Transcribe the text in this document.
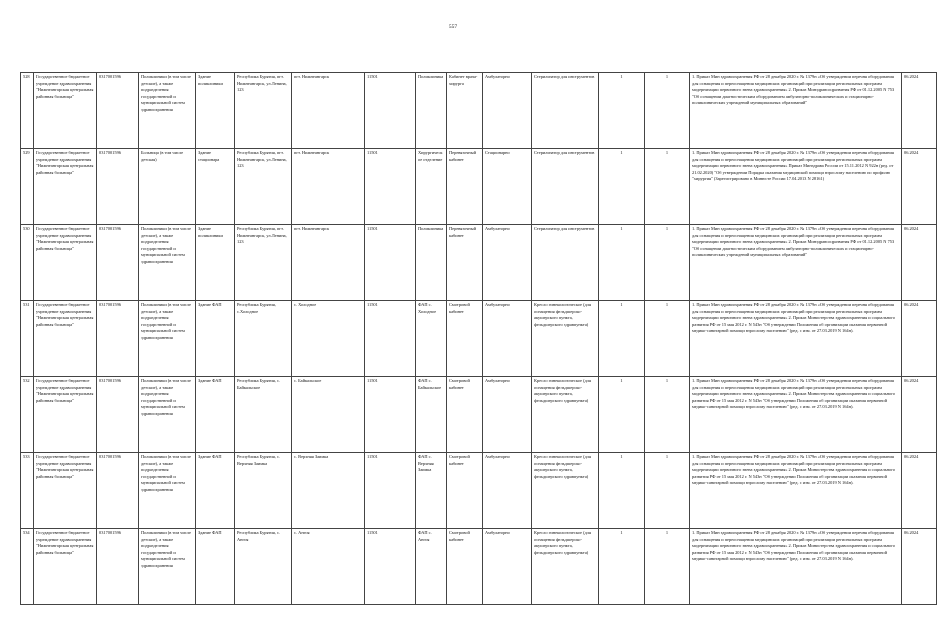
557
528	Государственное бюджетное учреждение здравоохранения "Нижнеангарская центральная районная больница"	0317001596	Поликлиники (в том числе детские), а также подразделения государственной и муниципальной систем здравоохранения	Здание поликлиники	Республика Бурятия, пгт. Нижнеангарск, ул.Ленина, 123	пгт. Нижнеангарск	11501	Поликлиника	Кабинет врача-хирурга	Амбулаторно	Стерилизатор для инструментов	1	1	1. Приказ Мин здравоохранения РФ от 28 декабря 2020 г. № 1379н «Об утверждении перечня оборудования для оснащения и переоснащения медицинских организаций при реализации региональных программ модернизации первичного звена здравоохранения» 2. Приказ Минздравсоцразвития РФ от 01.12.2005 N 753 "Об оснащении диагностическим оборудованием амбулаторно-поликлинических и стационарно-поликлинических учреждений муниципальных образований"	06.2024
529	Государственное бюджетное учреждение здравоохранения "Нижнеангарская центральная районная больница"	0317001596	Больница (в том числе детская)	Здание стационара	Республика Бурятия, пгт. Нижнеангарск, ул.Ленина, 123	пгт. Нижнеангарск	11501	Хирургическое отделение	Перевязочный кабинет	Стационарно	Стерилизатор для инструментов	1	1	1. Приказ Мин здравоохранения РФ от 28 декабря 2020 г. № 1379н «Об утверждении перечня оборудования для оснащения и переоснащения медицинских организаций при реализации региональных программ модернизации первичного звена здравоохранения» Приказ Минздрава России от 15.11.2012 N 922н (ред. от 21.02.2020) "Об утверждении Порядка оказания медицинской помощи взрослому населению по профилю "хирургия" (Зарегистрировано в Минюсте России 17.04.2013 N 28161)	06.2024
530	Государственное бюджетное учреждение здравоохранения "Нижнеангарская центральная районная больница"	0317001596	Поликлиники (в том числе детские), а также подразделения государственной и муниципальной систем здравоохранения	Здание поликлиники	Республика Бурятия, пгт. Нижнеангарск, ул.Ленина, 123	пгт. Нижнеангарск	11501	Поликлиника	Перевязочный кабинет	Амбулаторно	Стерилизатор для инструментов	1	1	1. Приказ Мин здравоохранения РФ от 28 декабря 2020 г. № 1379н «Об утверждении перечня оборудования для оснащения и переоснащения медицинских организаций при реализации региональных программ модернизации первичного звена здравоохранения» 2. Приказ Минздравсоцразвития РФ от 01.12.2005 N 753 "Об оснащении диагностическим оборудованием амбулаторно-поликлинических и стационарно-поликлинических учреждений муниципальных образований"	06.2024
531	Государственное бюджетное учреждение здравоохранения "Нижнеангарская центральная районная больница"	0317001596	Поликлиники (в том числе детские), а также подразделения государственной и муниципальной систем здравоохранения	Здание ФАП	Республика Бурятия, с.Холодное	с. Холодное	11501	ФАП с. Холодное	Смотровой кабинет	Амбулаторно	Кресло гинекологическое (для оснащения фельдшерско-акушерского пункта, фельдшерского здравпункта)	1	1	1. Приказ Мин здравоохранения РФ от 28 декабря 2020 г. № 1379н «Об утверждении перечня оборудования для оснащения и переоснащения медицинских организаций при реализации региональных программ модернизации первичного звена здравоохранения» 2. Приказ Министерства здравоохранения и социального развития РФ от 15 мая 2012 г. N 543н "Об утверждении Положения об организации оказания первичной медико-санитарной помощи взрослому населению" (ред. с изм. от 27.03.2019 N 164н).	06.2024
532	Государственное бюджетное учреждение здравоохранения "Нижнеангарская центральная районная больница"	0317001596	Поликлиники (в том числе детские), а также подразделения государственной и муниципальной систем здравоохранения	Здание ФАП	Республика Бурятия, с. Байкальское	с. Байкальское	11501	ФАП с. Байкальское	Смотровой кабинет	Амбулаторно	Кресло гинекологическое (для оснащения фельдшерско-акушерского пункта, фельдшерского здравпункта)	1	1	1. Приказ Мин здравоохранения РФ от 28 декабря 2020 г. № 1379н «Об утверждении перечня оборудования для оснащения и переоснащения медицинских организаций при реализации региональных программ модернизации первичного звена здравоохранения» 2. Приказ Министерства здравоохранения и социального развития РФ от 15 мая 2012 г. N 543н "Об утверждении Положения об организации оказания первичной медико-санитарной помощи взрослому населению" (ред. с изм. от 27.03.2019 N 164н).	06.2024
533	Государственное бюджетное учреждение здравоохранения "Нижнеангарская центральная районная больница"	0317001596	Поликлиники (в том числе детские), а также подразделения государственной и муниципальной систем здравоохранения	Здание ФАП	Республика Бурятия, с. Верхняя Заимка	с. Верхняя Заимка	11501	ФАП с. Верхняя Заимка	Смотровой кабинет	Амбулаторно	Кресло гинекологическое (для оснащения фельдшерско-акушерского пункта, фельдшерского здравпункта)	1	1	1. Приказ Мин здравоохранения РФ от 28 декабря 2020 г. № 1379н «Об утверждении перечня оборудования для оснащения и переоснащения медицинских организаций при реализации региональных программ модернизации первичного звена здравоохранения» 2. Приказ Министерства здравоохранения и социального развития РФ от 15 мая 2012 г. N 543н "Об утверждении Положения об организации оказания первичной медико-санитарной помощи взрослому населению" (ред. с изм. от 27.03.2019 N 164н).	06.2024
534	Государственное бюджетное учреждение здравоохранения "Нижнеангарская центральная районная больница"	0317001596	Поликлиники (в том числе детские), а также подразделения государственной и муниципальной систем здравоохранения	Здание ФАП	Республика Бурятия, с. Ангоя	с. Ангоя	11501	ФАП с. Ангоя	Смотровой кабинет	Амбулаторно	Кресло гинекологическое (для оснащения фельдшерско-акушерского пункта, фельдшерского здравпункта)	1	1	1. Приказ Мин здравоохранения РФ от 28 декабря 2020 г. № 1379н «Об утверждении перечня оборудования для оснащения и переоснащения медицинских организаций при реализации региональных программ модернизации первичного звена здравоохранения» 2. Приказ Министерства здравоохранения и социального развития РФ от 15 мая 2012 г. N 543н "Об утверждении Положения об организации оказания первичной медико-санитарной помощи взрослому населению" (ред. с изм. от 27.03.2019 N 164н).	06.2024
